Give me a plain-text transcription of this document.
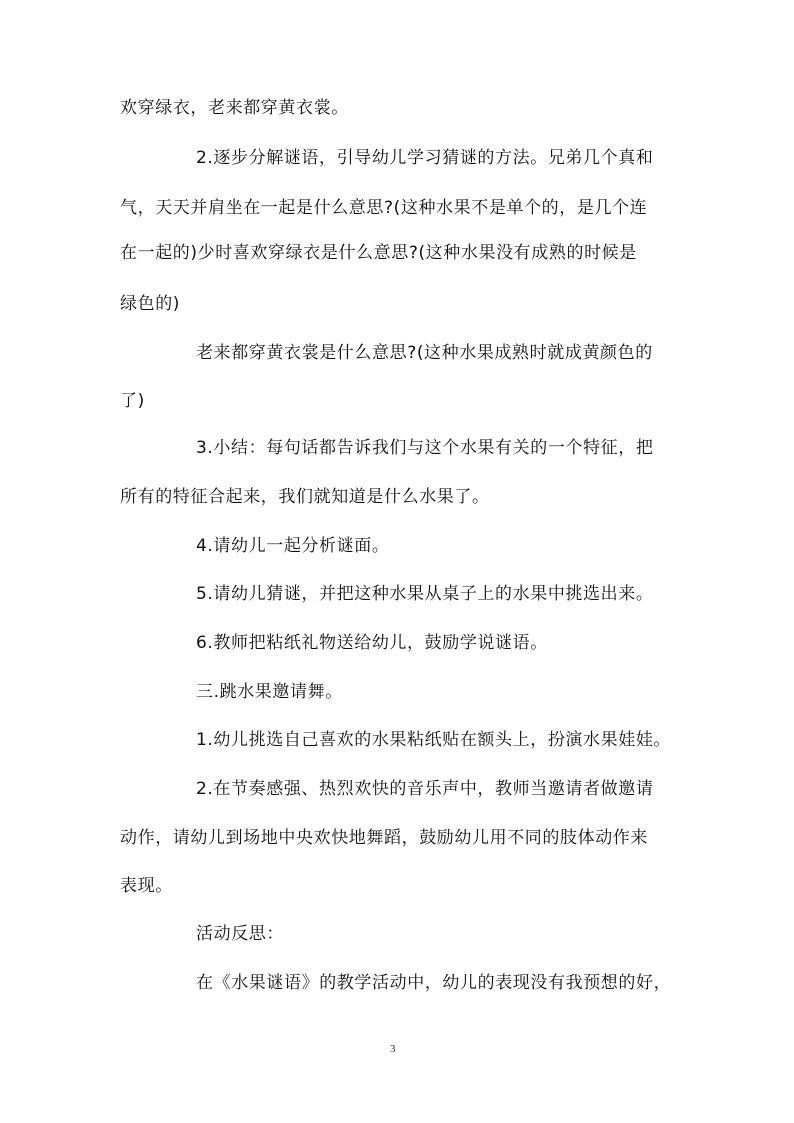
欢穿绿衣，老来都穿黄衣裳。
2.逐步分解谜语，引导幼儿学习猜谜的方法。兄弟几个真和
气，天天并肩坐在一起是什么意思?(这种水果不是单个的，是几个连
在一起的)少时喜欢穿绿衣是什么意思?(这种水果没有成熟的时候是
绿色的)
老来都穿黄衣裳是什么意思?(这种水果成熟时就成黄颜色的
了)
3.小结：每句话都告诉我们与这个水果有关的一个特征，把
所有的特征合起来，我们就知道是什么水果了。
4.请幼儿一起分析谜面。
5.请幼儿猜谜，并把这种水果从桌子上的水果中挑选出来。
6.教师把粘纸礼物送给幼儿，鼓励学说谜语。
三.跳水果邀请舞。
1.幼儿挑选自己喜欢的水果粘纸贴在额头上，扮演水果娃娃。
2.在节奏感强、热烈欢快的音乐声中，教师当邀请者做邀请
动作，请幼儿到场地中央欢快地舞蹈，鼓励幼儿用不同的肢体动作来
表现。
活动反思：
在《水果谜语》的教学活动中，幼儿的表现没有我预想的好，
3
